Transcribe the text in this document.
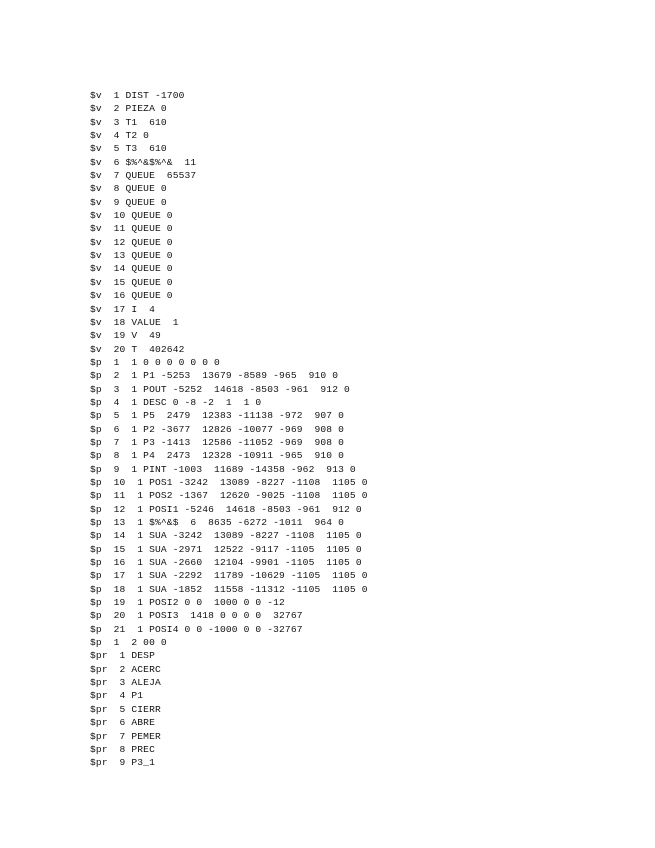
$v  1 DIST -1700
$v  2 PIEZA 0
$v  3 T1  610
$v  4 T2 0
$v  5 T3  610
$v  6 $%^&$%^&  11
$v  7 QUEUE  65537
$v  8 QUEUE 0
$v  9 QUEUE 0
$v  10 QUEUE 0
$v  11 QUEUE 0
$v  12 QUEUE 0
$v  13 QUEUE 0
$v  14 QUEUE 0
$v  15 QUEUE 0
$v  16 QUEUE 0
$v  17 I  4
$v  18 VALUE  1
$v  19 V  49
$v  20 T  402642
$p  1  1 0 0 0 0 0 0 0
$p  2  1 P1 -5253  13679 -8589 -965  910 0
$p  3  1 POUT -5252  14618 -8503 -961  912 0
$p  4  1 DESC 0 -8 -2  1  1 0
$p  5  1 P5  2479  12383 -11138 -972  907 0
$p  6  1 P2 -3677  12826 -10077 -969  908 0
$p  7  1 P3 -1413  12586 -11052 -969  908 0
$p  8  1 P4  2473  12328 -10911 -965  910 0
$p  9  1 PINT -1003  11689 -14358 -962  913 0
$p  10  1 POS1 -3242  13089 -8227 -1108  1105 0
$p  11  1 POS2 -1367  12620 -9025 -1108  1105 0
$p  12  1 POSI1 -5246  14618 -8503 -961  912 0
$p  13  1 $%^&$  6  8635 -6272 -1011  964 0
$p  14  1 SUA -3242  13089 -8227 -1108  1105 0
$p  15  1 SUA -2971  12522 -9117 -1105  1105 0
$p  16  1 SUA -2660  12104 -9901 -1105  1105 0
$p  17  1 SUA -2292  11789 -10629 -1105  1105 0
$p  18  1 SUA -1852  11558 -11312 -1105  1105 0
$p  19  1 POSI2 0 0  1000 0 0 -12
$p  20  1 POSI3  1418 0 0 0 0  32767
$p  21  1 POSI4 0 0 -1000 0 0 -32767
$p  1  2 00 0
$pr  1 DESP
$pr  2 ACERC
$pr  3 ALEJA
$pr  4 P1
$pr  5 CIERR
$pr  6 ABRE
$pr  7 PEMER
$pr  8 PREC
$pr  9 P3_1
